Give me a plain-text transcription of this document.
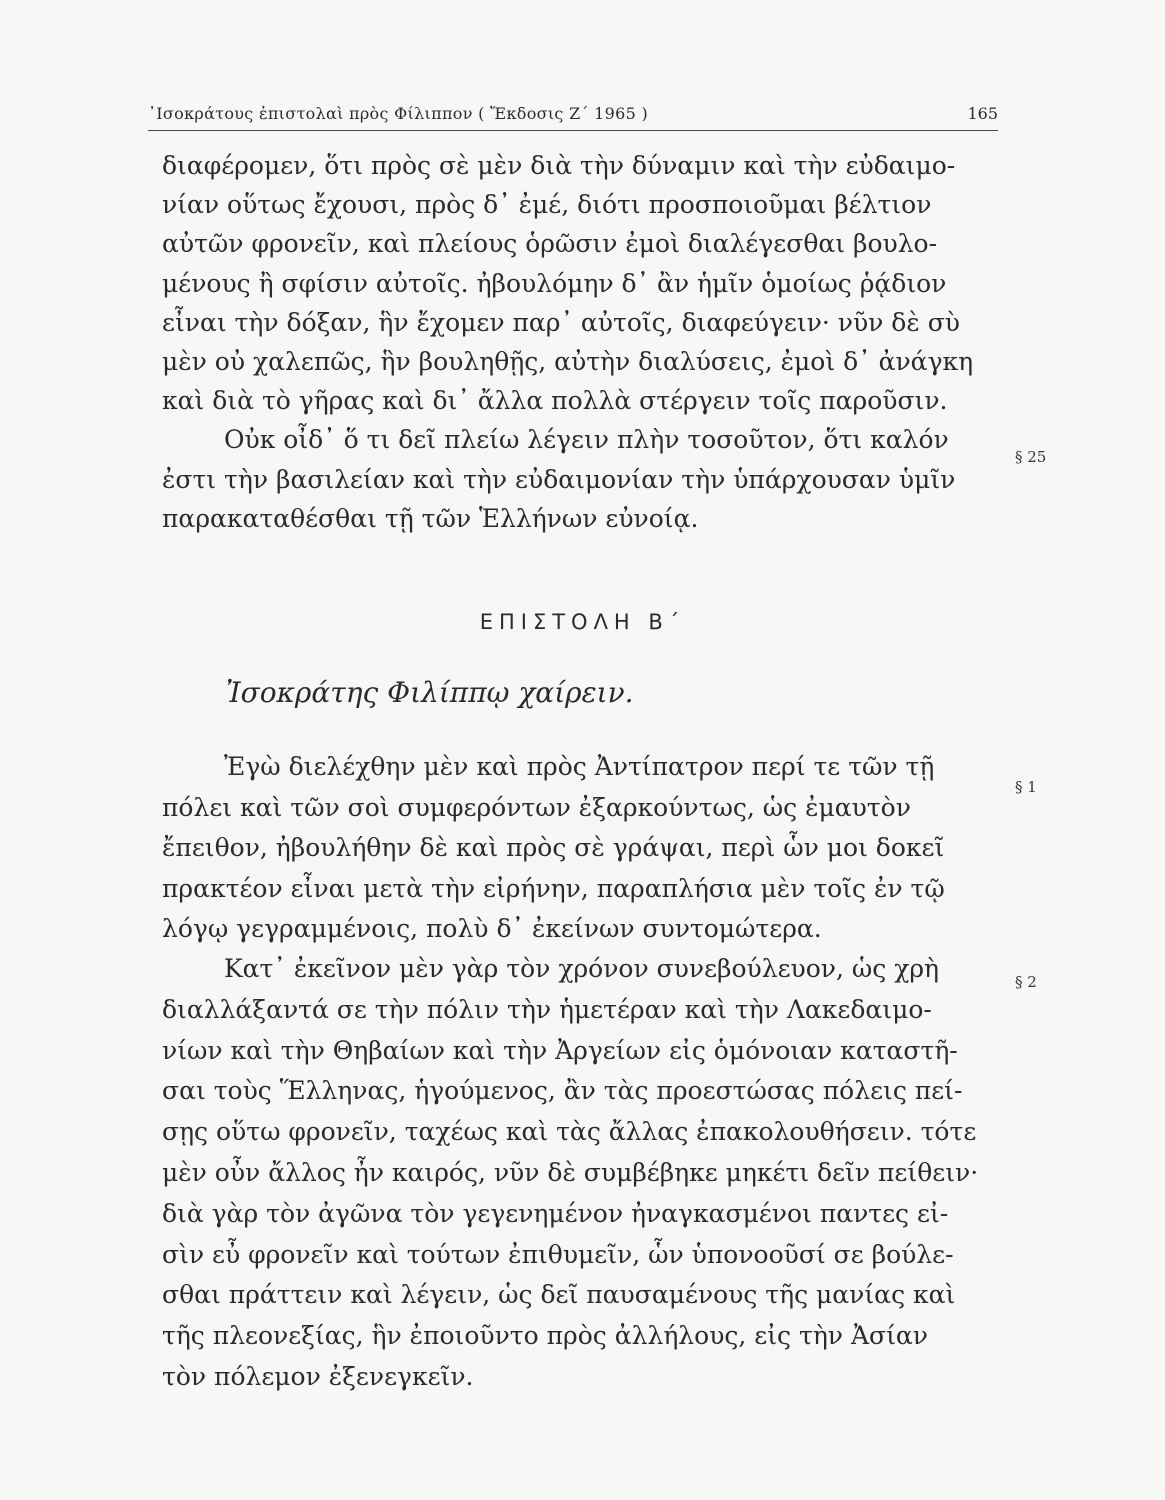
᾿Ισοκράτους ἐπιστολαὶ πρὸς Φίλιππον ( Ἔκδοσις Ζ΄ 1965 )	165
διαφέρομεν, ὅτι πρὸς σὲ μὲν διὰ τὴν δύναμιν καὶ τὴν εὐδαιμο-
νίαν οὕτως ἔχουσι, πρὸς δ᾿ ἐμέ, διότι προσποιοῦμαι βέλτιον
αὐτῶν φρονεῖν, καὶ πλείους ὁρῶσιν ἐμοὶ διαλέγεσθαι βουλο-
μένους ἢ σφίσιν αὐτοῖς. ἠβουλόμην δ᾿ ἂν ἡμῖν ὁμοίως ῥᾴδιον
εἶναι τὴν δόξαν, ἣν ἔχομεν παρ᾿ αὐτοῖς, διαφεύγειν· νῦν δὲ σὺ
μὲν οὐ χαλεπῶς, ἣν βουληθῇς, αὐτὴν διαλύσεις, ἐμοὶ δ᾿ ἀνάγκη
καὶ διὰ τὸ γῆρας καὶ δι᾿ ἄλλα πολλὰ στέργειν τοῖς παροῦσιν.
Οὐκ οἶδ᾿ ὅ τι δεῖ πλείω λέγειν πλὴν τοσοῦτον, ὅτι καλόν
ἐστι τὴν βασιλείαν καὶ τὴν εὐδαιμονίαν τὴν ὑπάρχουσαν ὑμῖν
παρακαταθέσθαι τῇ τῶν Ἑλλήνων εὐνοίᾳ.
§ 25
ΕΠΙΣΤΟΛΗ Β΄
Ἰσοκράτης Φιλίππῳ χαίρειν.
Ἐγὼ διελέχθην μὲν καὶ πρὸς Ἀντίπατρον περί τε τῶν τῇ
πόλει καὶ τῶν σοὶ συμφερόντων ἐξαρκούντως, ὡς ἐμαυτὸν
ἔπειθον, ἠβουλήθην δὲ καὶ πρὸς σὲ γράψαι, περὶ ὧν μοι δοκεῖ
πρακτέον εἶναι μετὰ τὴν εἰρήνην, παραπλήσια μὲν τοῖς ἐν τῷ
λόγῳ γεγραμμένοις, πολὺ δ᾿ ἐκείνων συντομώτερα.
§ 1
Κατ᾿ ἐκεῖνον μὲν γὰρ τὸν χρόνον συνεβούλευον, ὡς χρὴ
διαλλάξαντά σε τὴν πόλιν τὴν ἡμετέραν καὶ τὴν Λακεδαιμο-
νίων καὶ τὴν Θηβαίων καὶ τὴν Ἀργείων εἰς ὁμόνοιαν καταστῆ-
σαι τοὺς Ἕλληνας, ἡγούμενος, ἂν τὰς προεστώσας πόλεις πεί-
σῃς οὕτω φρονεῖν, ταχέως καὶ τὰς ἄλλας ἐπακολουθήσειν. τότε
μὲν οὖν ἄλλος ἦν καιρός, νῦν δὲ συμβέβηκε μηκέτι δεῖν πείθειν·
διὰ γὰρ τὸν ἀγῶνα τὸν γεγενημένον ἠναγκασμένοι παντες εἰ-
σὶν εὖ φρονεῖν καὶ τούτων ἐπιθυμεῖν, ὧν ὑπονοοῦσί σε βούλε-
σθαι πράττειν καὶ λέγειν, ὡς δεῖ παυσαμένους τῆς μανίας καὶ
τῆς πλεονεξίας, ἣν ἐποιοῦντο πρὸς ἀλλήλους, εἰς τὴν Ἀσίαν
τὸν πόλεμον ἐξενεγκεῖν.
§ 2
